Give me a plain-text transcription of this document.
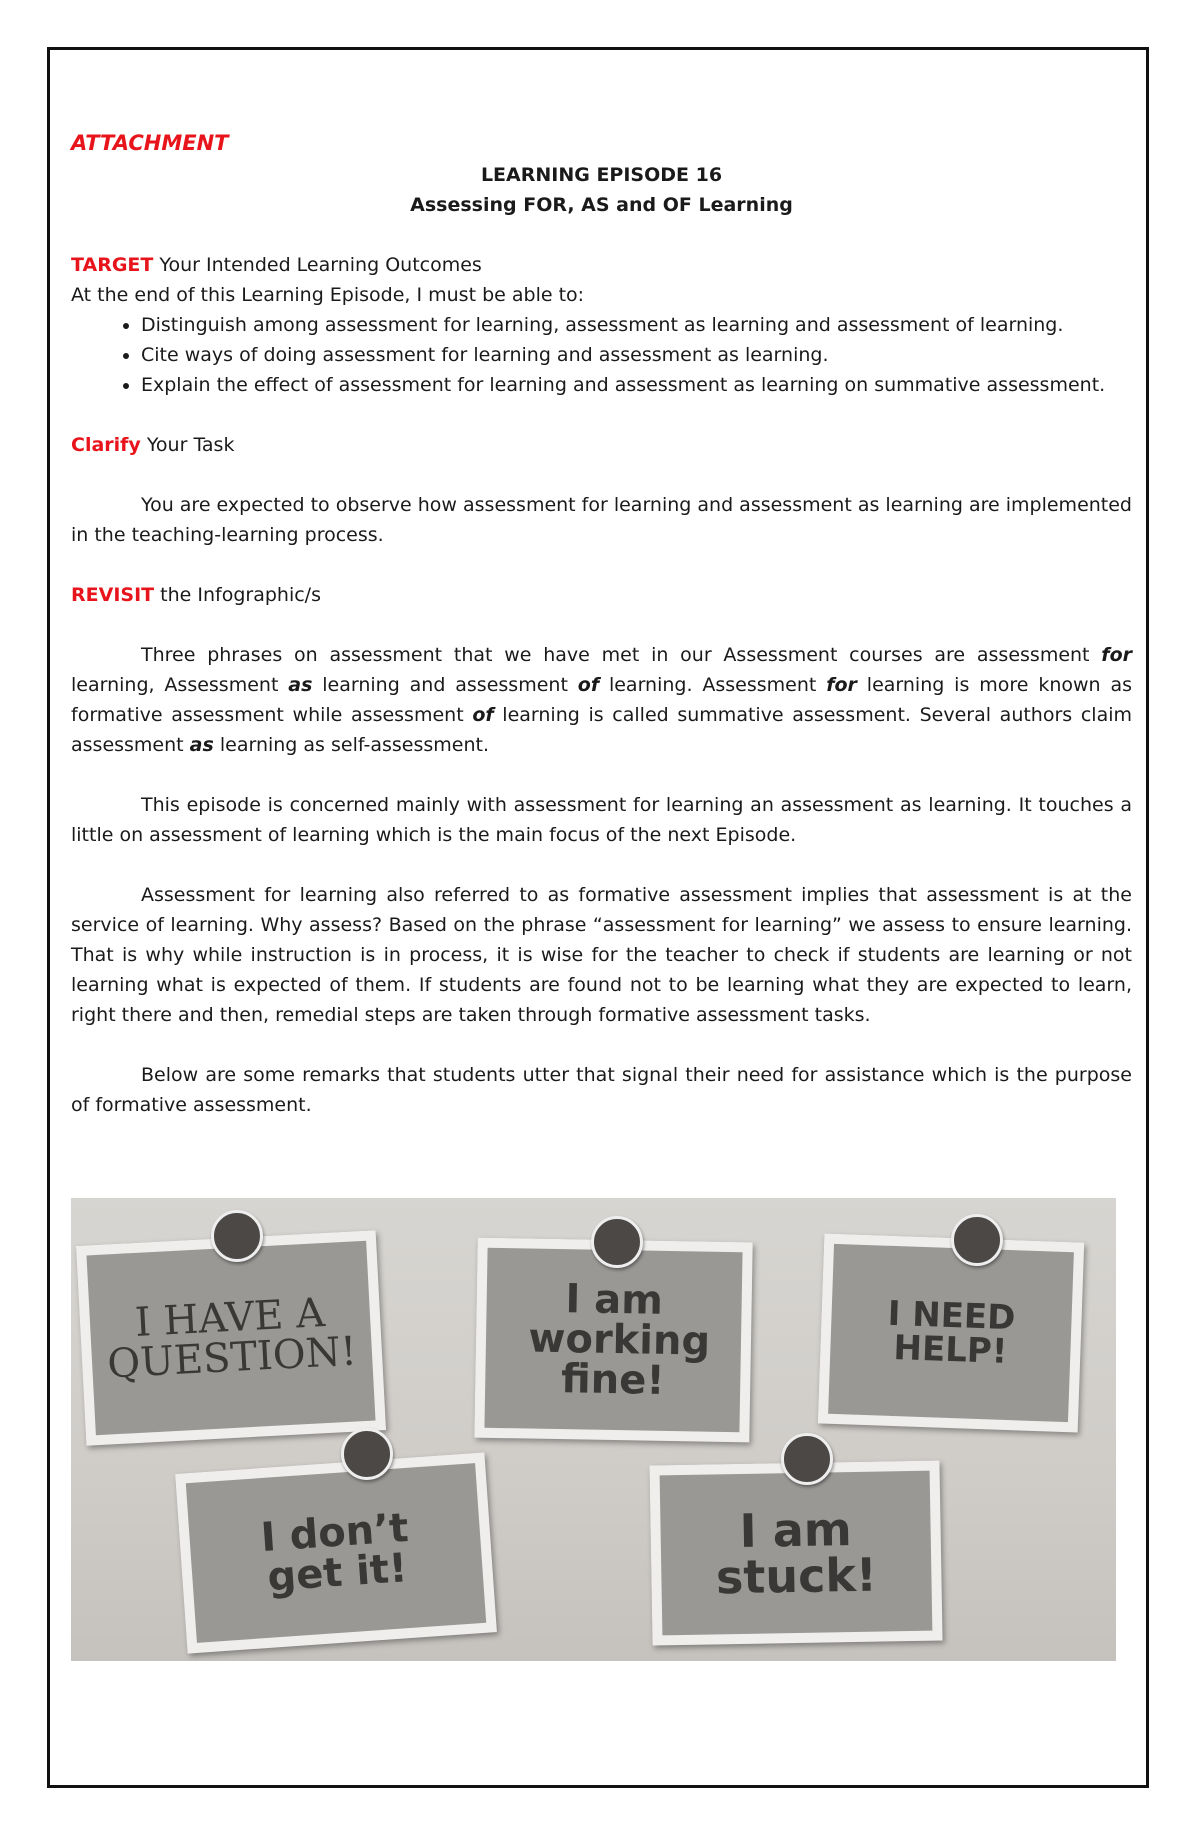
ATTACHMENT
LEARNING EPISODE 16
Assessing FOR, AS and OF Learning
TARGET Your Intended Learning Outcomes
At the end of this Learning Episode, I must be able to:
• Distinguish among assessment for learning, assessment as learning and assessment of learning.
• Cite ways of doing assessment for learning and assessment as learning.
• Explain the effect of assessment for learning and assessment as learning on summative assessment.
Clarify Your Task
You are expected to observe how assessment for learning and assessment as learning are implemented in the teaching-learning process.
REVISIT the Infographic/s
Three phrases on assessment that we have met in our Assessment courses are assessment for learning, Assessment as learning and assessment of learning. Assessment for learning is more known as formative assessment while assessment of learning is called summative assessment. Several authors claim assessment as learning as self-assessment.
This episode is concerned mainly with assessment for learning an assessment as learning. It touches a little on assessment of learning which is the main focus of the next Episode.
Assessment for learning also referred to as formative assessment implies that assessment is at the service of learning. Why assess? Based on the phrase “assessment for learning” we assess to ensure learning. That is why while instruction is in process, it is wise for the teacher to check if students are learning or not learning what is expected of them. If students are found not to be learning what they are expected to learn, right there and then, remedial steps are taken through formative assessment tasks.
Below are some remarks that students utter that signal their need for assistance which is the purpose of formative assessment.
I HAVE A QUESTION!
I am working fine!
I NEED HELP!
I don’t get it!
I am stuck!
